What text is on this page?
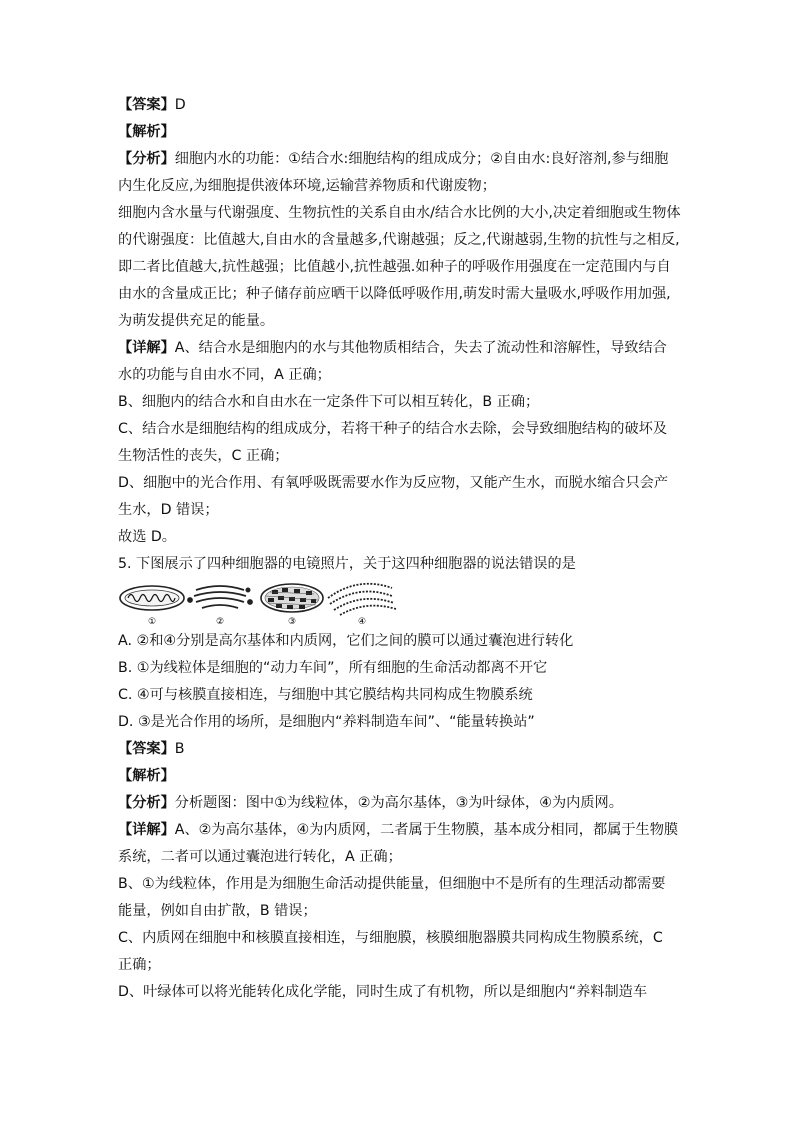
【答案】D

【解析】

【分析】细胞内水的功能：①结合水:细胞结构的组成成分；②自由水:良好溶剂,参与细胞

内生化反应,为细胞提供液体环境,运输营养物质和代谢废物；

细胞内含水量与代谢强度、生物抗性的关系自由水/结合水比例的大小,决定着细胞或生物体

的代谢强度：比值越大,自由水的含量越多,代谢越强；反之,代谢越弱,生物的抗性与之相反,

即二者比值越大,抗性越强；比值越小,抗性越强.如种子的呼吸作用强度在一定范围内与自

由水的含量成正比；种子储存前应晒干以降低呼吸作用,萌发时需大量吸水,呼吸作用加强,

为萌发提供充足的能量。

【详解】A、结合水是细胞内的水与其他物质相结合，失去了流动性和溶解性，导致结合

水的功能与自由水不同，A 正确；

B、细胞内的结合水和自由水在一定条件下可以相互转化，B 正确；

C、结合水是细胞结构的组成成分，若将干种子的结合水去除，会导致细胞结构的破坏及

生物活性的丧失，C 正确；

D、细胞中的光合作用、有氧呼吸既需要水作为反应物，又能产生水，而脱水缩合只会产

生水，D 错误；

故选 D。

5. 下图展示了四种细胞器的电镜照片，关于这四种细胞器的说法错误的是

①	②	③	④

A. ②和④分别是高尔基体和内质网，它们之间的膜可以通过囊泡进行转化

B. ①为线粒体是细胞的“动力车间”，所有细胞的生命活动都离不开它

C. ④可与核膜直接相连，与细胞中其它膜结构共同构成生物膜系统

D. ③是光合作用的场所，是细胞内“养料制造车间”、“能量转换站”

【答案】B

【解析】

【分析】分析题图：图中①为线粒体，②为高尔基体，③为叶绿体，④为内质网。

【详解】A、②为高尔基体，④为内质网，二者属于生物膜，基本成分相同，都属于生物膜

系统，二者可以通过囊泡进行转化，A 正确；

B、①为线粒体，作用是为细胞生命活动提供能量，但细胞中不是所有的生理活动都需要

能量，例如自由扩散，B 错误；

C、内质网在细胞中和核膜直接相连，与细胞膜，核膜细胞器膜共同构成生物膜系统，C

正确；

D、叶绿体可以将光能转化成化学能，同时生成了有机物，所以是细胞内“养料制造车
